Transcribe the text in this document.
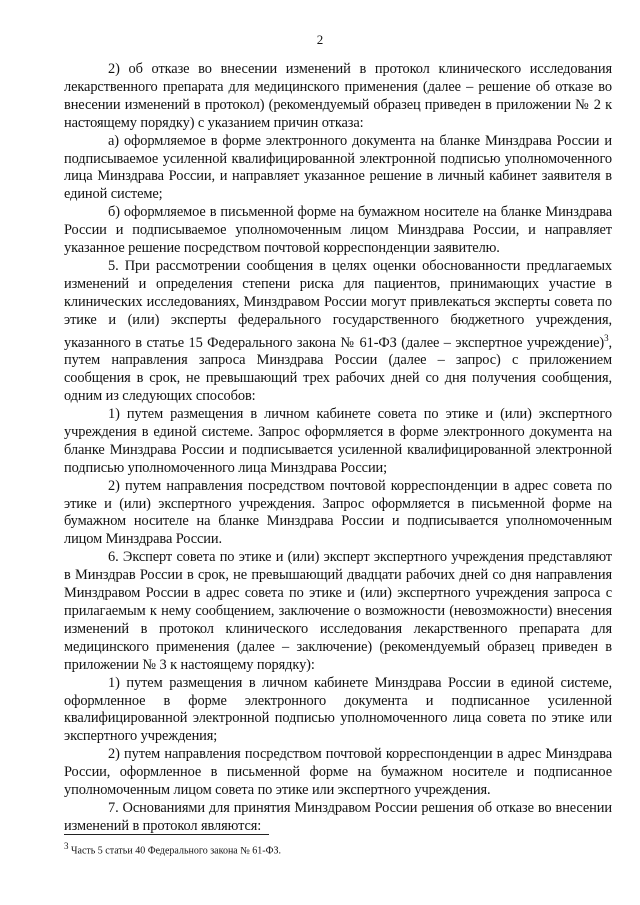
2

2) об отказе во внесении изменений в протокол клинического исследования лекарственного препарата для медицинского применения (далее – решение об отказе во внесении изменений в протокол) (рекомендуемый образец приведен в приложении № 2 к настоящему порядку) с указанием причин отказа:

а) оформляемое в форме электронного документа на бланке Минздрава России и подписываемое усиленной квалифицированной электронной подписью уполномоченного лица Минздрава России, и направляет указанное решение в личный кабинет заявителя в единой системе;

б) оформляемое в письменной форме на бумажном носителе на бланке Минздрава России и подписываемое уполномоченным лицом Минздрава России, и направляет указанное решение посредством почтовой корреспонденции заявителю.

5. При рассмотрении сообщения в целях оценки обоснованности предлагаемых изменений и определения степени риска для пациентов, принимающих участие в клинических исследованиях, Минздравом России могут привлекаться эксперты совета по этике и (или) эксперты федерального государственного бюджетного учреждения, указанного в статье 15 Федерального закона № 61-ФЗ (далее – экспертное учреждение)$^3$, путем направления запроса Минздрава России (далее – запрос) с приложением сообщения в срок, не превышающий трех рабочих дней со дня получения сообщения, одним из следующих способов:

1) путем размещения в личном кабинете совета по этике и (или) экспертного учреждения в единой системе. Запрос оформляется в форме электронного документа на бланке Минздрава России и подписывается усиленной квалифицированной электронной подписью уполномоченного лица Минздрава России;

2) путем направления посредством почтовой корреспонденции в адрес совета по этике и (или) экспертного учреждения. Запрос оформляется в письменной форме на бумажном носителе на бланке Минздрава России и подписывается уполномоченным лицом Минздрава России.

6. Эксперт совета по этике и (или) эксперт экспертного учреждения представляют в Минздрав России в срок, не превышающий двадцати рабочих дней со дня направления Минздравом России в адрес совета по этике и (или) экспертного учреждения запроса с прилагаемым к нему сообщением, заключение о возможности (невозможности) внесения изменений в протокол клинического исследования лекарственного препарата для медицинского применения (далее – заключение) (рекомендуемый образец приведен в приложении № 3 к настоящему порядку):

1) путем размещения в личном кабинете Минздрава России в единой системе, оформленное в форме электронного документа и подписанное усиленной квалифицированной электронной подписью уполномоченного лица совета по этике или экспертного учреждения;

2) путем направления посредством почтовой корреспонденции в адрес Минздрава России, оформленное в письменной форме на бумажном носителе и подписанное уполномоченным лицом совета по этике или экспертного учреждения.

7. Основаниями для принятия Минздравом России решения об отказе во внесении изменений в протокол являются:

$^3$ Часть 5 статьи 40 Федерального закона № 61-ФЗ.
